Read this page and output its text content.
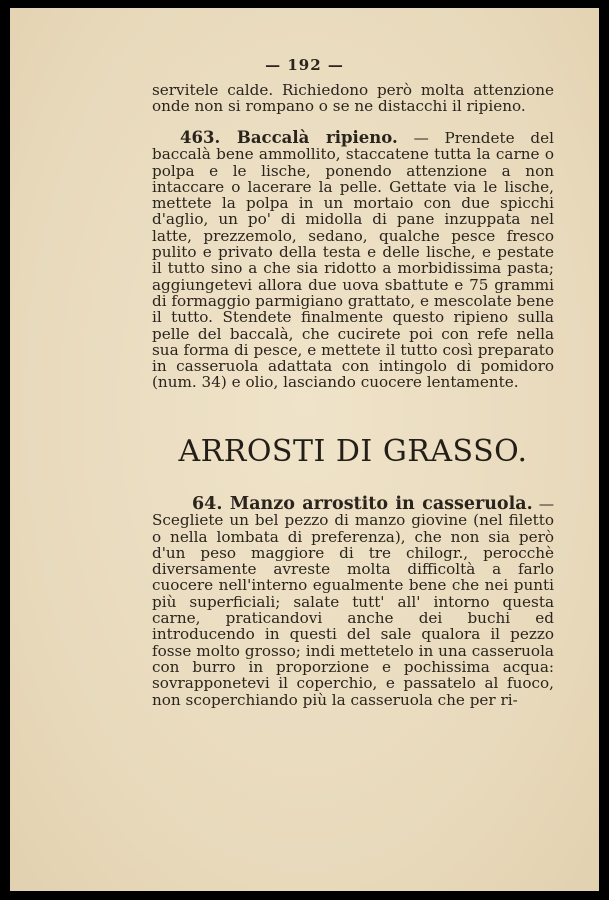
— 192 —

servitele calde. Richiedono però molta attenzione onde non si rompano o se ne distacchi il ripieno.

463. Baccalà ripieno. — Prendete del baccalà bene ammollito, staccatene tutta la carne o polpa e le lische, ponendo attenzione a non intaccare o lacerare la pelle. Gettate via le lische, mettete la polpa in un mortaio con due spicchi d'aglio, un po' di midolla di pane inzuppata nel latte, prezzemolo, sedano, qualche pesce fresco pulito e privato della testa e delle lische, e pestate il tutto sino a che sia ridotto a morbidissima pasta; aggiungetevi allora due uova sbattute e 75 grammi di formaggio parmigiano grattato, e mescolate bene il tutto. Stendete finalmente questo ripieno sulla pelle del baccalà, che cucirete poi con refe nella sua forma di pesce, e mettete il tutto così preparato in casseruola adattata con intingolo di pomidoro (num. 34) e olio, lasciando cuocere lentamente.

ARROSTI DI GRASSO.

64. Manzo arrostito in casseruola. — Scegliete un bel pezzo di manzo giovine (nel filetto o nella lombata di preferenza), che non sia però d'un peso maggiore di tre chilogr., perocchè diversamente avreste molta difficoltà a farlo cuocere nell'interno egualmente bene che nei punti più superficiali; salate tutt' all' intorno questa carne, praticandovi anche dei buchi ed introducendo in questi del sale qualora il pezzo fosse molto grosso; indi mettetelo in una casseruola con burro in proporzione e pochissima acqua: sovrapponetevi il coperchio, e passatelo al fuoco, non scoperchiando più la casseruola che per ri-
